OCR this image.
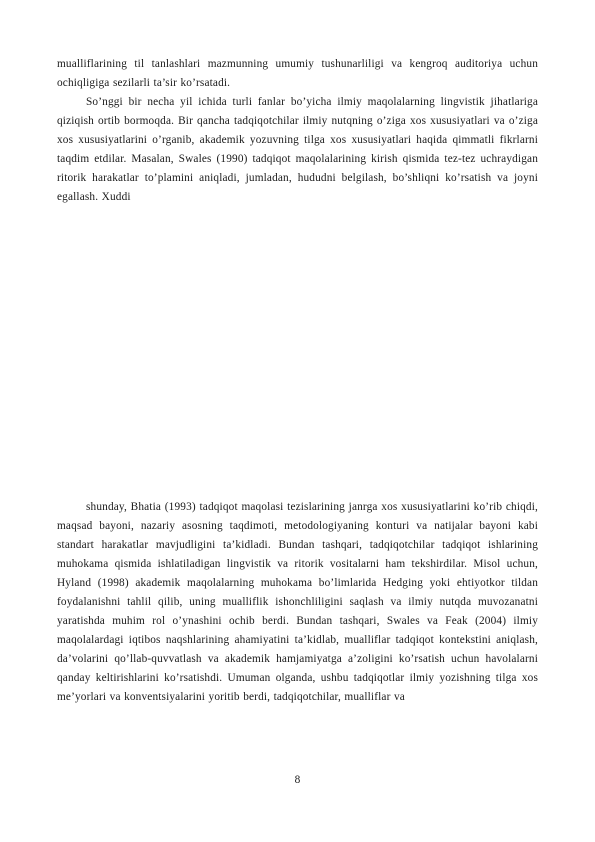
mualliflarining til tanlashlari mazmunning umumiy tushunarliligi va kengroq auditoriya uchun ochiqligiga sezilarli ta’sir ko’rsatadi.

So’nggi bir necha yil ichida turli fanlar bo’yicha ilmiy maqolalarning lingvistik jihatlariga qiziqish ortib bormoqda. Bir qancha tadqiqotchilar ilmiy nutqning o’ziga xos xususiyatlari va o’ziga xos xususiyatlarini o’rganib, akademik yozuvning tilga xos xususiyatlari haqida qimmatli fikrlarni taqdim etdilar. Masalan, Swales (1990) tadqiqot maqolalarining kirish qismida tez-tez uchraydigan ritorik harakatlar to’plamini aniqladi, jumladan, hududni belgilash, bo’shliqni ko’rsatish va joyni egallash. Xuddi

shunday, Bhatia (1993) tadqiqot maqolasi tezislarining janrga xos xususiyatlarini ko’rib chiqdi, maqsad bayoni, nazariy asosning taqdimoti, metodologiyaning konturi va natijalar bayoni kabi standart harakatlar mavjudligini ta’kidladi. Bundan tashqari, tadqiqotchilar tadqiqot ishlarining muhokama qismida ishlatiladigan lingvistik va ritorik vositalarni ham tekshirdilar. Misol uchun, Hyland (1998) akademik maqolalarning muhokama bo’limlarida Hedging yoki ehtiyotkor tildan foydalanishni tahlil qilib, uning mualliflik ishonchliligini saqlash va ilmiy nutqda muvozanatni yaratishda muhim rol o’ynashini ochib berdi. Bundan tashqari, Swales va Feak (2004) ilmiy maqolalardagi iqtibos naqshlarining ahamiyatini ta’kidlab, mualliflar tadqiqot kontekstini aniqlash, da’volarini qo’llab-quvvatlash va akademik hamjamiyatga a’zoligini ko’rsatish uchun havolalarni qanday keltirishlarini ko’rsatishdi. Umuman olganda, ushbu tadqiqotlar ilmiy yozishning tilga xos me’yorlari va konventsiyalarini yoritib berdi, tadqiqotchilar, mualliflar va

8
